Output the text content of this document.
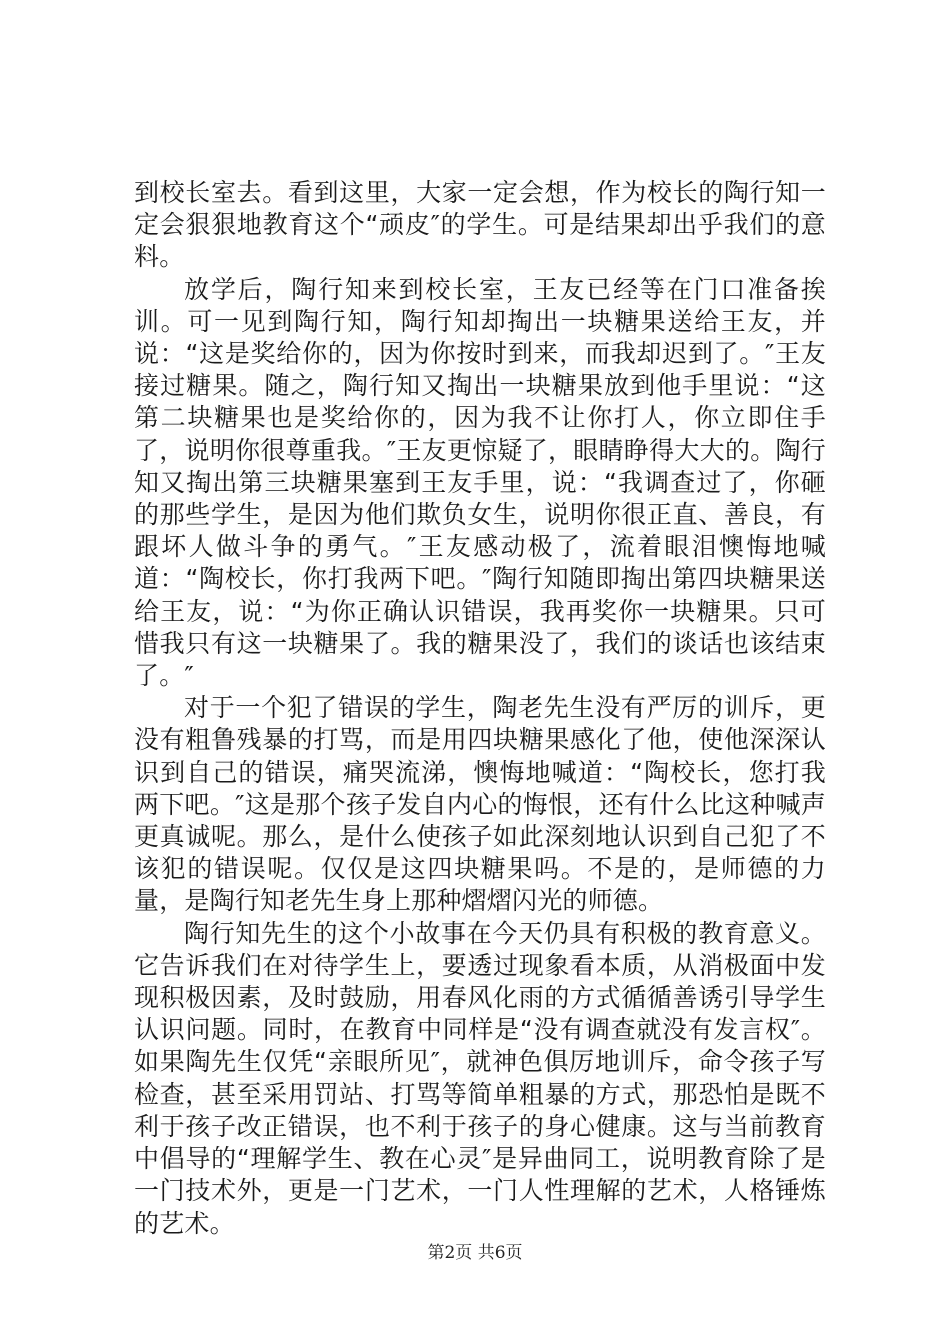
到校长室去。看到这里，大家一定会想，作为校长的陶行知一定会狠狠地教育这个“顽皮″的学生。可是结果却出乎我们的意料。

放学后，陶行知来到校长室，王友已经等在门口准备挨训。可一见到陶行知，陶行知却掏出一块糖果送给王友，并说：“这是奖给你的，因为你按时到来，而我却迟到了。″王友接过糖果。随之，陶行知又掏出一块糖果放到他手里说：“这第二块糖果也是奖给你的，因为我不让你打人，你立即住手了，说明你很尊重我。″王友更惊疑了，眼睛睁得大大的。陶行知又掏出第三块糖果塞到王友手里，说：“我调查过了，你砸的那些学生，是因为他们欺负女生，说明你很正直、善良，有跟坏人做斗争的勇气。″王友感动极了，流着眼泪懊悔地喊道：“陶校长，你打我两下吧。″陶行知随即掏出第四块糖果送给王友，说：“为你正确认识错误，我再奖你一块糖果。只可惜我只有这一块糖果了。我的糖果没了，我们的谈话也该结束了。″

对于一个犯了错误的学生，陶老先生没有严厉的训斥，更没有粗鲁残暴的打骂，而是用四块糖果感化了他，使他深深认识到自己的错误，痛哭流涕，懊悔地喊道：“陶校长，您打我两下吧。″这是那个孩子发自内心的悔恨，还有什么比这种喊声更真诚呢。那么，是什么使孩子如此深刻地认识到自己犯了不该犯的错误呢。仅仅是这四块糖果吗。不是的，是师德的力量，是陶行知老先生身上那种熠熠闪光的师德。

陶行知先生的这个小故事在今天仍具有积极的教育意义。它告诉我们在对待学生上，要透过现象看本质，从消极面中发现积极因素，及时鼓励，用春风化雨的方式循循善诱引导学生认识问题。同时，在教育中同样是“没有调查就没有发言权″。如果陶先生仅凭“亲眼所见″，就神色俱厉地训斥，命令孩子写检查，甚至采用罚站、打骂等简单粗暴的方式，那恐怕是既不利于孩子改正错误，也不利于孩子的身心健康。这与当前教育中倡导的“理解学生、教在心灵″是异曲同工，说明教育除了是一门技术外，更是一门艺术，一门人性理解的艺术，人格锤炼的艺术。

第2页 共6页
